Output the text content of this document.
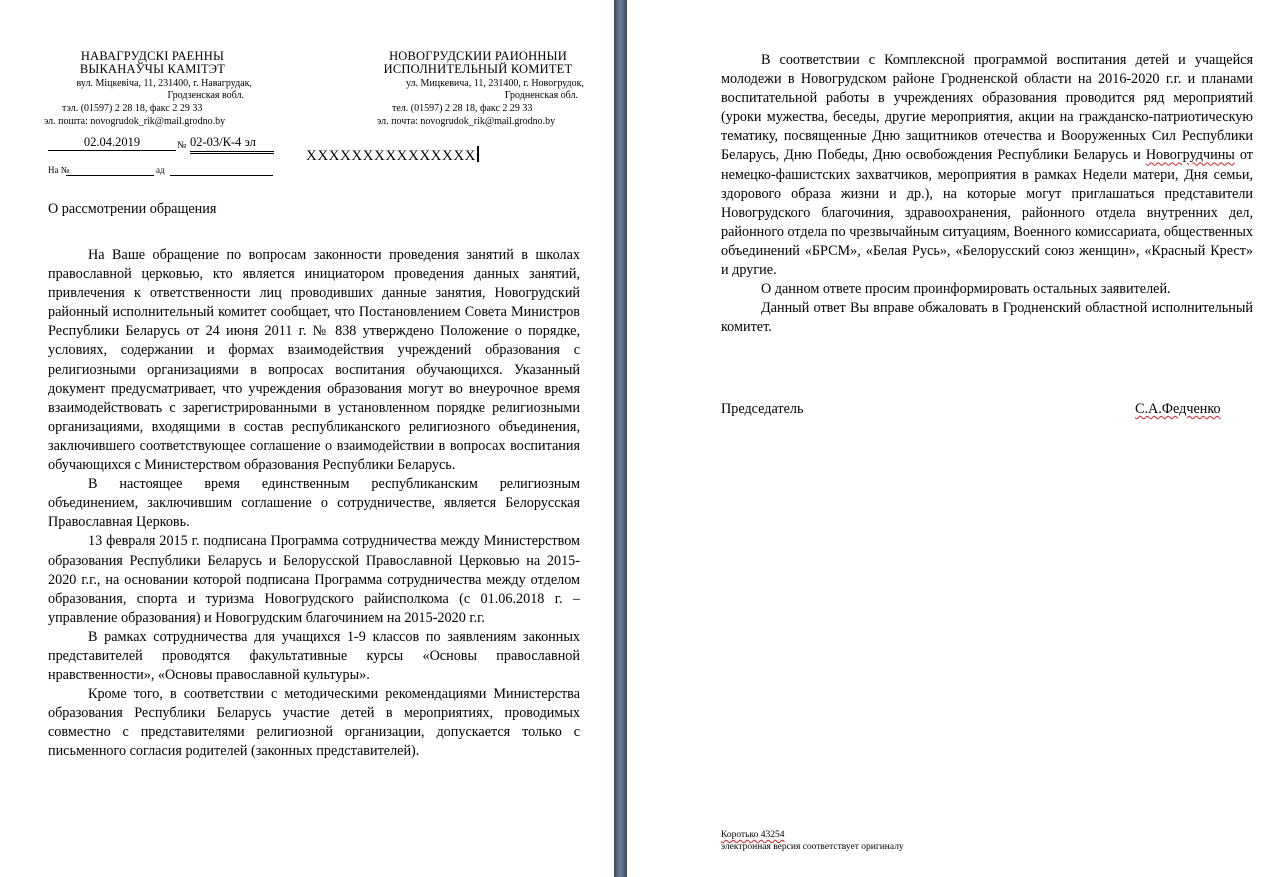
НАВАГРУДСКІ РАЕННЫ
ВЫКАНАЎЧЫ КАМІТЭТ
вул. Міцкевіча, 11, 231400, г. Навагрудак,
Гродзенская вобл.
тэл. (01597) 2 28 18, факс 2 29 33
эл. пошта: novogrudok_rik@mail.grodno.by
НОВОГРУДСКИИ РАИОННЫИ
ИСПОЛНИТЕЛЬНЫЙ КОМИТЕТ
ул. Мицкевича, 11, 231400, г. Новогрудок,
Гродненская обл.
тел. (01597) 2 28 18, факс 2 29 33
эл. почта: novogrudok_rik@mail.grodno.by
02.04.2019	№ 02-03/К-4 эл
На №	ад
XXXXXXXXXXXXXXX
О рассмотрении обращения

На Ваше обращение по вопросам законности проведения занятий в школах православной церковью, кто является инициатором проведения данных занятий, привлечения к ответственности лиц проводивших данные занятия, Новогрудский районный исполнительный комитет сообщает, что Постановлением Совета Министров Республики Беларусь от 24 июня 2011 г. № 838 утверждено Положение о порядке, условиях, содержании и формах взаимодействия учреждений образования с религиозными организациями в вопросах воспитания обучающихся. Указанный документ предусматривает, что учреждения образования могут во внеурочное время взаимодействовать с зарегистрированными в установленном порядке религиозными организациями, входящими в состав республиканского религиозного объединения, заключившего соответствующее соглашение о взаимодействии в вопросах воспитания обучающихся с Министерством образования Республики Беларусь.

В настоящее время единственным республиканским религиозным объединением, заключившим соглашение о сотрудничестве, является Белорусская Православная Церковь.

13 февраля 2015 г. подписана Программа сотрудничества между Министерством образования Республики Беларусь и Белорусской Православной Церковью на 2015-2020 г.г., на основании которой подписана Программа сотрудничества между отделом образования, спорта и туризма Новогрудского райисполкома (с 01.06.2018 г. – управление образования) и Новогрудским благочинием на 2015-2020 г.г.

В рамках сотрудничества для учащихся 1-9 классов по заявлениям законных представителей проводятся факультативные курсы «Основы православной нравственности», «Основы православной культуры».

Кроме того, в соответствии с методическими рекомендациями Министерства образования Республики Беларусь участие детей в мероприятиях, проводимых совместно с представителями религиозной организации, допускается только с письменного согласия родителей (законных представителей).

В соответствии с Комплексной программой воспитания детей и учащейся молодежи в Новогрудском районе Гродненской области на 2016-2020 г.г. и планами воспитательной работы в учреждениях образования проводится ряд мероприятий (уроки мужества, беседы, другие мероприятия, акции на гражданско-патриотическую тематику, посвященные Дню защитников отечества и Вооруженных Сил Республики Беларусь, Дню Победы, Дню освобождения Республики Беларусь и Новогрудчины от немецко-фашистских захватчиков, мероприятия в рамках Недели матери, Дня семьи, здорового образа жизни и др.), на которые могут приглашаться представители Новогрудского благочиния, здравоохранения, районного отдела внутренних дел, районного отдела по чрезвычайным ситуациям, Военного комиссариата, общественных объединений «БРСМ», «Белая Русь», «Белорусский союз женщин», «Красный Крест» и другие.

О данном ответе просим проинформировать остальных заявителей.

Данный ответ Вы вправе обжаловать в Гродненский областной исполнительный комитет.

Председатель	С.А.Федченко
Коротько 43254
электронная версия соответствует оригиналу
